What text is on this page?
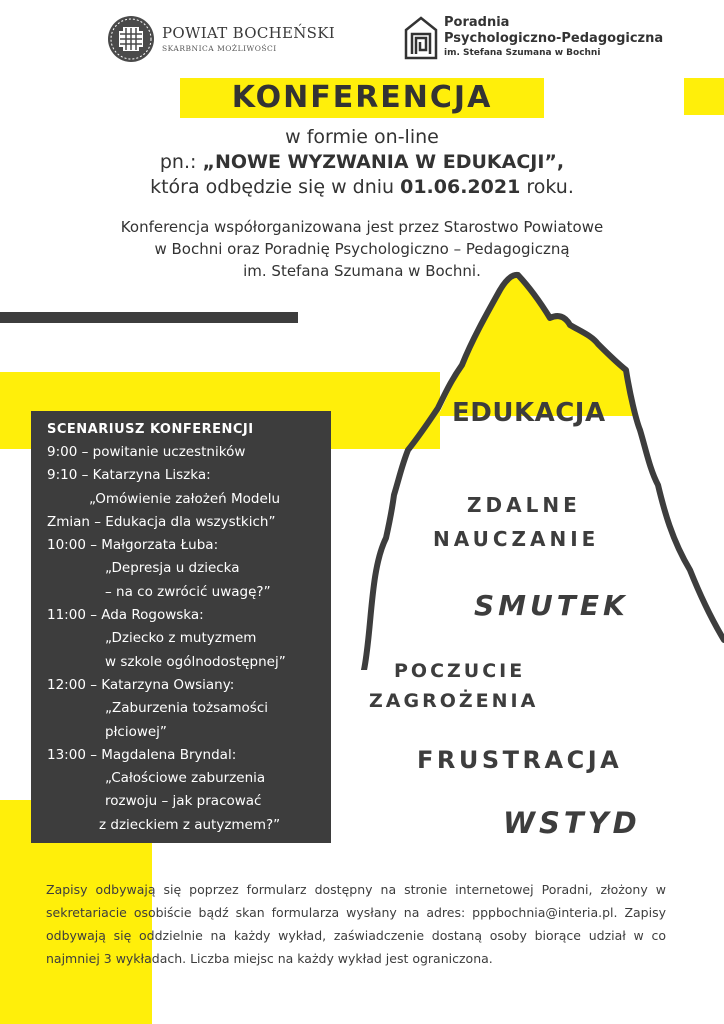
POWIAT BOCHEŃSKI
SKARBNICA MOŻLIWOŚCI
Poradnia
Psychologiczno-Pedagogiczna
im. Stefana Szumana w Bochni
KONFERENCJA
w formie on-line
pn.: „NOWE WYZWANIA W EDUKACJI”,
która odbędzie się w dniu 01.06.2021 roku.
Konferencja współorganizowana jest przez Starostwo Powiatowe
w Bochni oraz Poradnię Psychologiczno – Pedagogiczną
im. Stefana Szumana w Bochni.
SCENARIUSZ KONFERENCJI
9:00 – powitanie uczestników
9:10 – Katarzyna Liszka:
„Omówienie założeń Modelu
Zmian – Edukacja dla wszystkich”
10:00 – Małgorzata Łuba:
„Depresja u dziecka
– na co zwrócić uwagę?”
11:00 – Ada Rogowska:
„Dziecko z mutyzmem
w szkole ogólnodostępnej”
12:00 – Katarzyna Owsiany:
„Zaburzenia tożsamości
płciowej”
13:00 – Magdalena Bryndal:
„Całościowe zaburzenia
rozwoju – jak pracować
z dzieckiem z autyzmem?”
EDUKACJA
ZDALNE
NAUCZANIE
SMUTEK
POCZUCIE
ZAGROŻENIA
FRUSTRACJA
WSTYD
Zapisy odbywają się poprzez formularz dostępny na stronie internetowej Poradni, złożony w sekretariacie osobiście bądź skan formularza wysłany na adres: pppbochnia@interia.pl. Zapisy odbywają się oddzielnie na każdy wykład, zaświadczenie dostaną osoby biorące udział w co najmniej 3 wykładach. Liczba miejsc na każdy wykład jest ograniczona.
